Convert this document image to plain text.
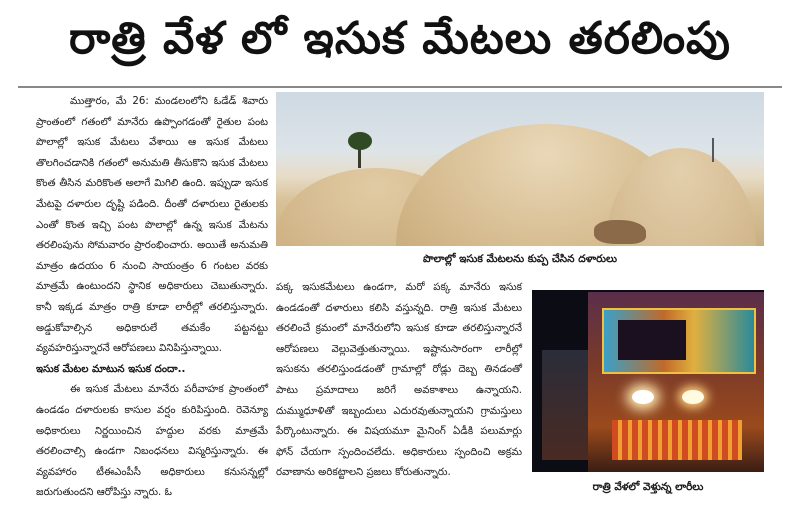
రాత్రి వేళ లో ఇసుక మేటలు తరలింపు

ముత్తారం, మే 26: మండలంలోని ఓడేడ్ శివారు ప్రాంతంలో గతంలో మానేరు ఉప్పొంగడంతో రైతుల పంట పొలాల్లో ఇసుక మేటలు వేశాయి ఆ ఇసుక మేటలు తొలగించడానికి గతంలో అనుమతి తీసుకొని ఇసుక మేటలు కొంత తీసిన మరికొంత అలాగే మిగిలి ఉంది. ఇప్పుడా ఇసుక మేటపై దళారుల దృష్టి పడింది. దీంతో దళారులు రైతులకు ఎంతో కొంత ఇచ్చి పంట పొలాల్లో ఉన్న ఇసుక మేటను తరలింపును సోమవారం ప్రారంభించారు. అయితే అనుమతి మాత్రం ఉదయం 6 నుంచి సాయంత్రం 6 గంటల వరకు మాత్రమే ఉంటుందని స్థానిక అధికారులు చెబుతున్నారు. కానీ ఇక్కడ మాత్రం రాత్రి కూడా లారీల్లో తరలిస్తున్నారు. అడ్డుకోవాల్సిన అధికారులే తమకేం పట్టనట్టు వ్యవహరిస్తున్నారనే ఆరోపణలు వినిపిస్తున్నాయి.

ఇసుక మేటల మాటున ఇసుక దందా..

ఈ ఇసుక మేటలు మానేరు పరీవాహక ప్రాంతంలో ఉండడం దళారులకు కాసుల వర్షం కురిపిస్తుంది. రెవెన్యూ అధికారులు నిర్ణయించిన హద్దుల వరకు మాత్రమే తరలించాల్సి ఉండగా నిబంధనలు విస్మరిస్తున్నారు. ఈ వ్యవహారం టీఈఎంపీసీ అధికారులు కనుసన్నల్లో జరుగుతుందని ఆరోపిస్తు న్నారు. ఓ

పొలాల్లో ఇసుక మేటలను కుప్ప చేసిన దళారులు

పక్క ఇసుకమేటలు ఉండగా, మరో పక్క మానేరు ఇసుక ఉండడంతో దళారులు కలిసి వస్తున్నది. రాత్రి ఇసుక మేటలు తరలించే క్రమంలో మానేరులోని ఇసుక కూడా తరలిస్తున్నారనే ఆరోపణలు వెల్లువెత్తుతున్నాయి. ఇష్టానుసారంగా లారీల్లో ఇసుకను తరలిస్తుండడంతో గ్రామాల్లో రోడ్లు దెబ్బ తినడంతో పాటు ప్రమాదాలు జరిగే అవకాశాలు ఉన్నాయని. దుమ్ముధూళితో ఇబ్బందులు ఎదురవుతున్నాయని గ్రామస్తులు పేర్కొంటున్నారు. ఈ విషయమూ మైనింగ్ ఏడీకి పలుమార్లు ఫోన్ చేయగా స్పందించలేదు. అధికారులు స్పందించి అక్రమ రవాణాను అరికట్టాలని ప్రజలు కోరుతున్నారు.

రాత్రి వేళలో వెళ్తున్న లారీలు
